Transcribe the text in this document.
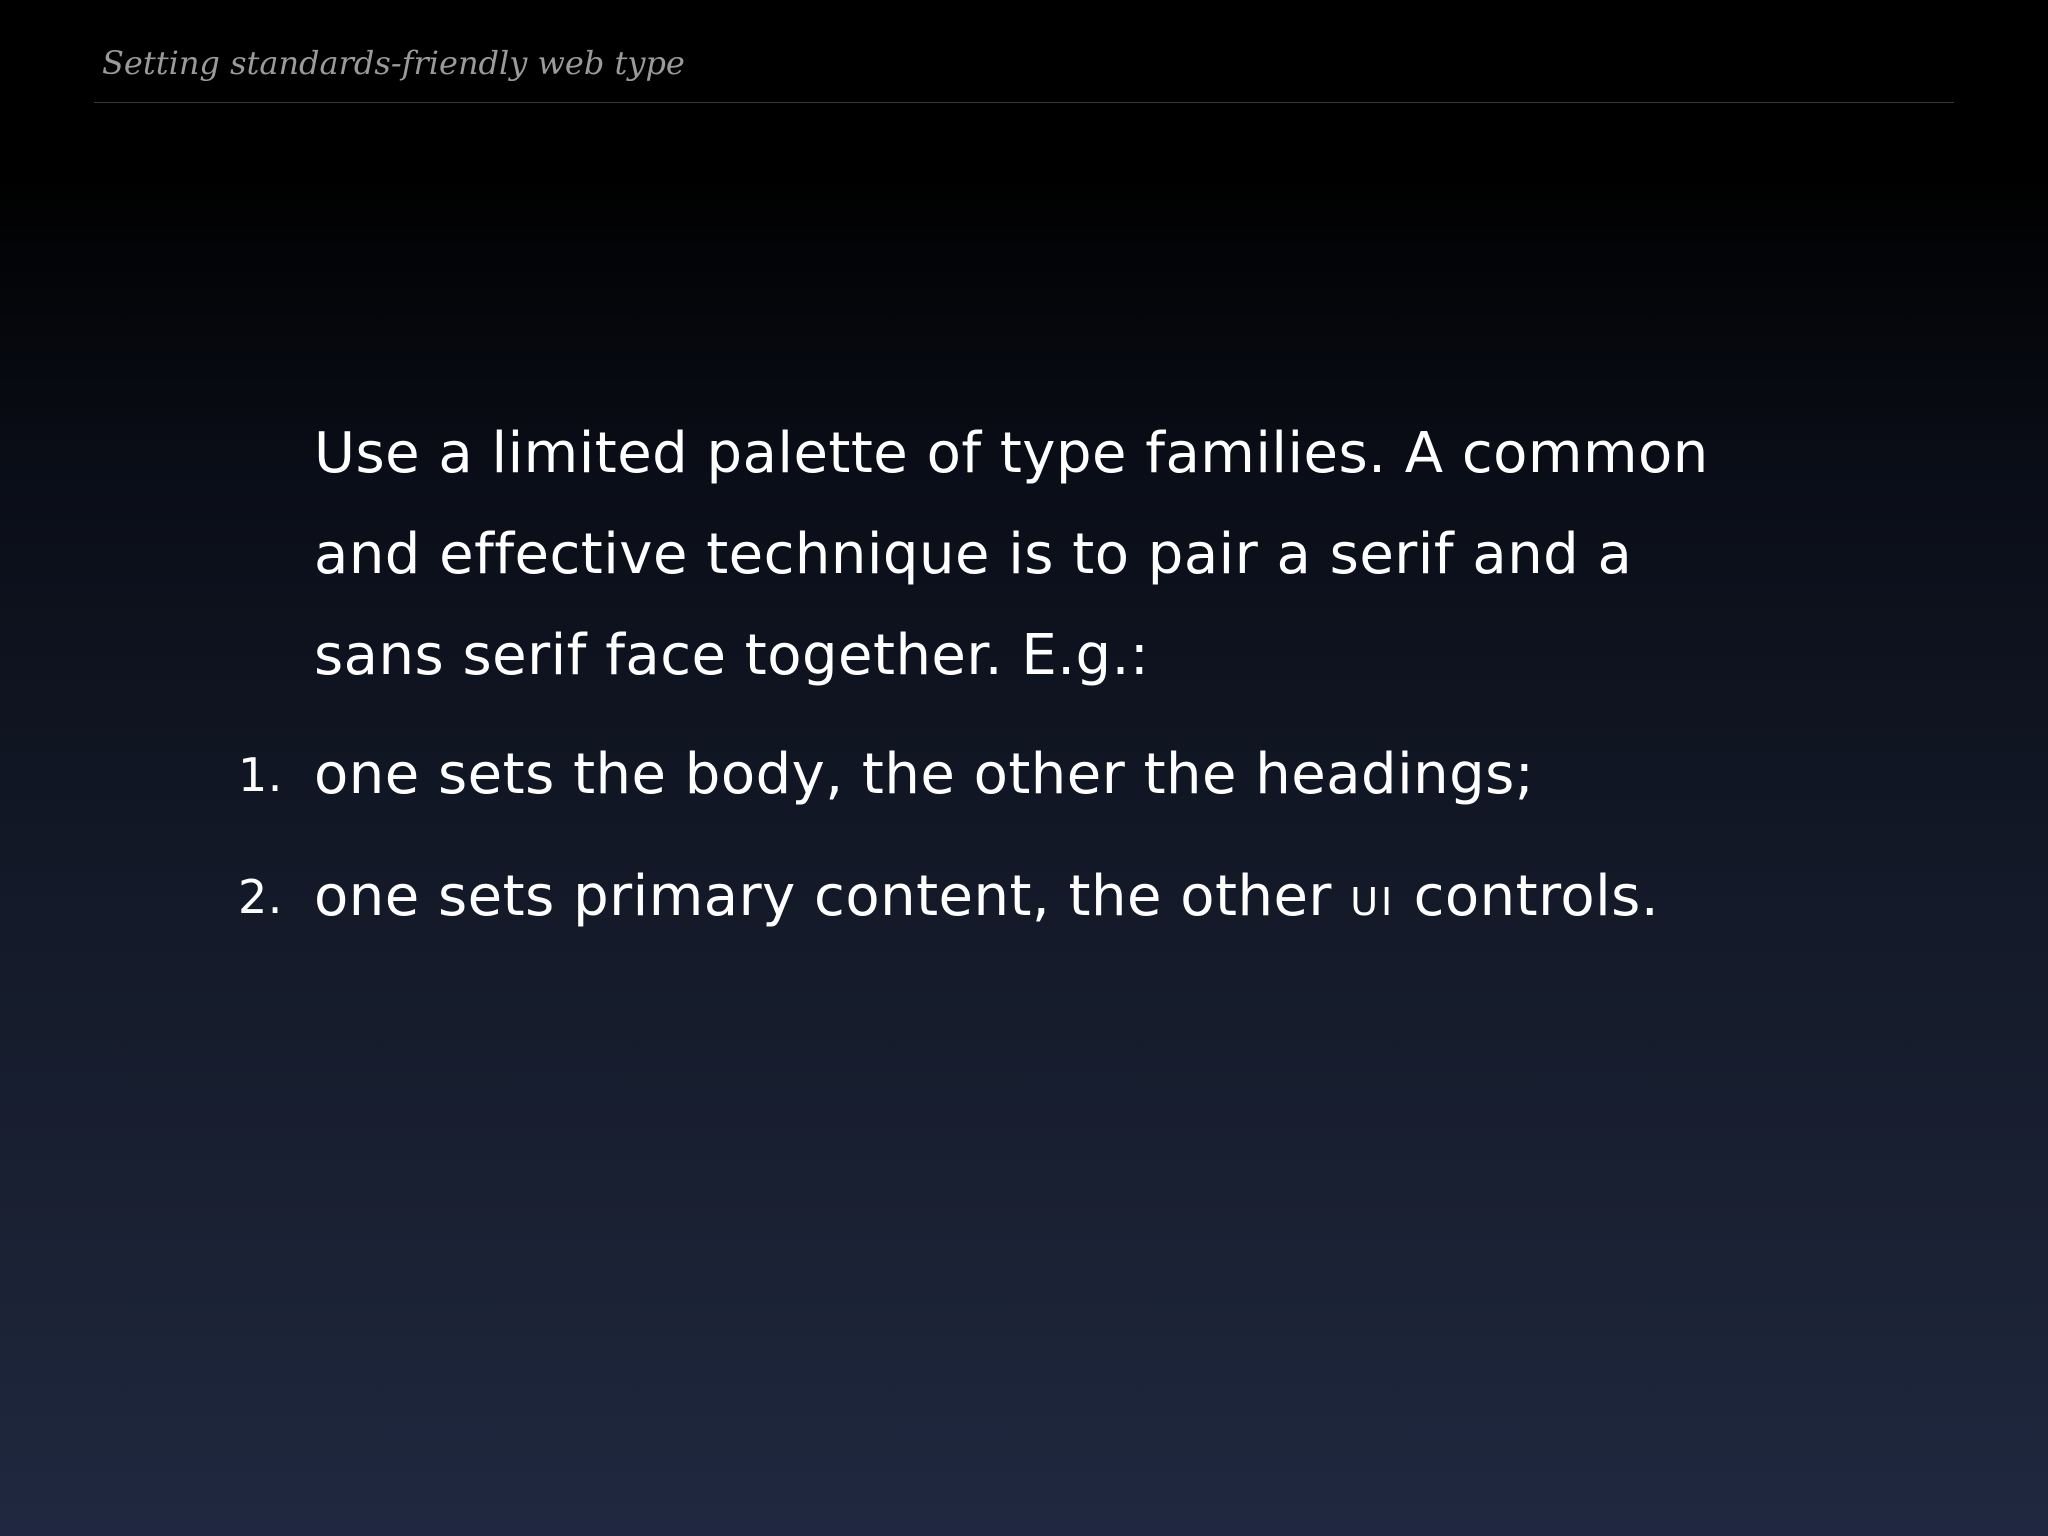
Setting standards-friendly web type
Use a limited palette of type families. A common and effective technique is to pair a serif and a sans serif face together. E.g.:
1. one sets the body, the other the headings;
2. one sets primary content, the other UI controls.
